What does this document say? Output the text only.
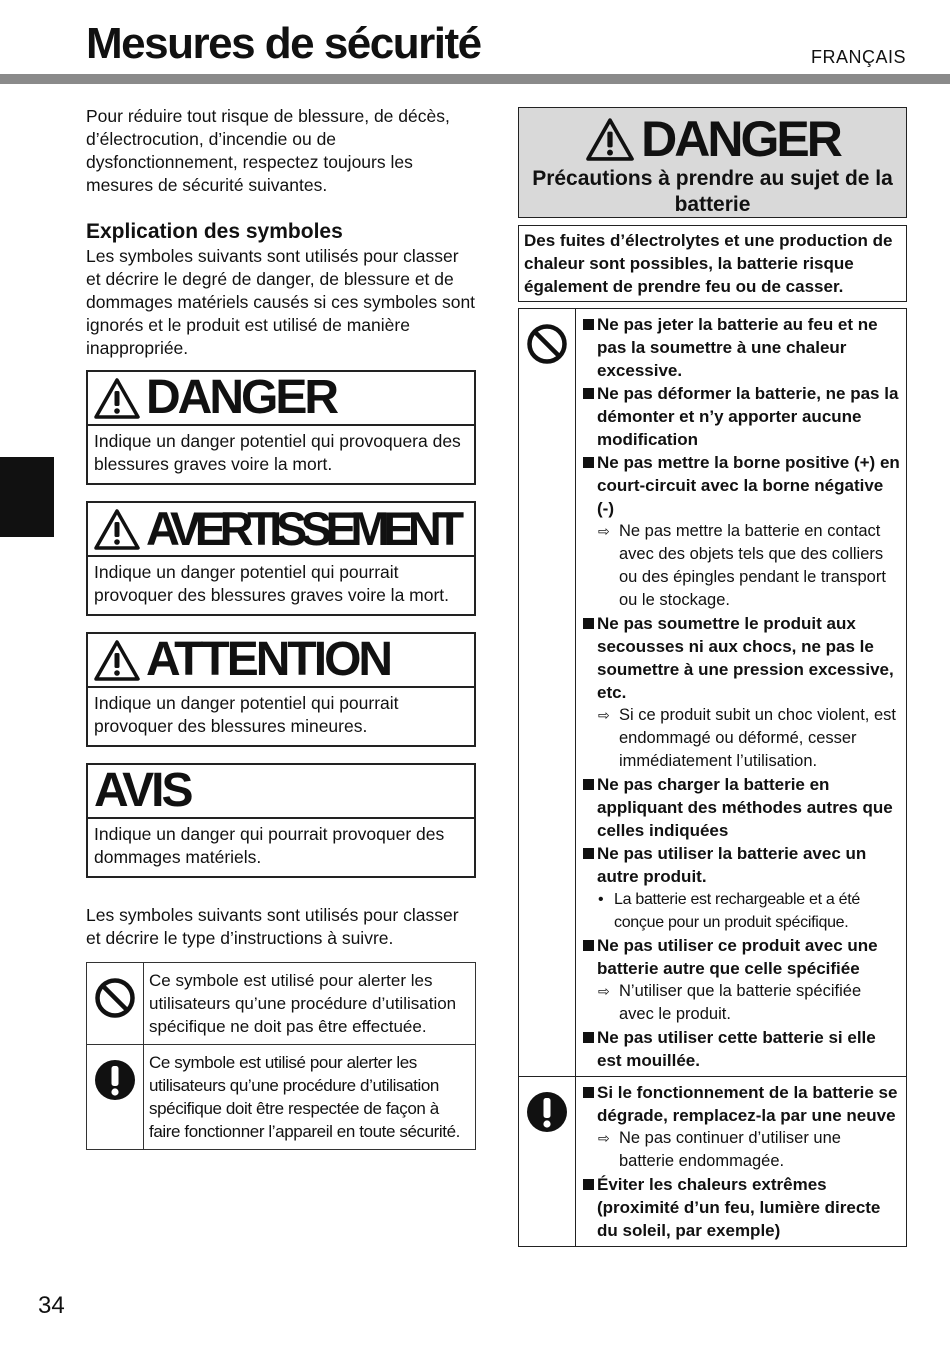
Mesures de sécurité	FRANÇAIS

Pour réduire tout risque de blessure, de décès, d’électrocution, d’incendie ou de dysfonctionnement, respectez toujours les mesures de sécurité suivantes.

Explication des symboles

Les symboles suivants sont utilisés pour classer et décrire le degré de danger, de blessure et de dommages matériels causés si ces symboles sont ignorés et le produit est utilisé de manière inappropriée.

DANGER
Indique un danger potentiel qui provoquera des blessures graves voire la mort.
AVERTISSEMENT
Indique un danger potentiel qui pourrait provoquer des blessures graves voire la mort.
ATTENTION
Indique un danger potentiel qui pourrait provoquer des blessures mineures.
AVIS
Indique un danger qui pourrait provoquer des dommages matériels.

Les symboles suivants sont utilisés pour classer et décrire le type d’instructions à suivre.

Ce symbole est utilisé pour alerter les utilisateurs qu’une procédure d’utilisation spécifique ne doit pas être effectuée.
Ce symbole est utilisé pour alerter les utilisateurs qu’une procédure d’utilisation spécifique doit être respectée de façon à faire fonctionner l’appareil en toute sécurité.
DANGER
Précautions à prendre au sujet de la batterie
Des fuites d’électrolytes et une production de chaleur sont possibles, la batterie risque également de prendre feu ou de casser.
Ne pas jeter la batterie au feu et ne pas la soumettre à une chaleur excessive.
Ne pas déformer la batterie, ne pas la démonter et n’y apporter aucune modification
Ne pas mettre la borne positive (+) en court-circuit avec la borne négative (-)
⇨ Ne pas mettre la batterie en contact avec des objets tels que des colliers ou des épingles pendant le transport ou le stockage.
Ne pas soumettre le produit aux secousses ni aux chocs, ne pas le soumettre à une pression excessive, etc.
⇨ Si ce produit subit un choc violent, est endommagé ou déformé, cesser immédiatement l’utilisation.
Ne pas charger la batterie en appliquant des méthodes autres que celles indiquées
Ne pas utiliser la batterie avec un autre produit.
• La batterie est rechargeable et a été conçue pour un produit spécifique.
Ne pas utiliser ce produit avec une batterie autre que celle spécifiée
⇨ N’utiliser que la batterie spécifiée avec le produit.
Ne pas utiliser cette batterie si elle est mouillée.
Si le fonctionnement de la batterie se dégrade, remplacez-la par une neuve
⇨ Ne pas continuer d’utiliser une batterie endommagée.
Éviter les chaleurs extrêmes (proximité d’un feu, lumière directe du soleil, par exemple)
34
